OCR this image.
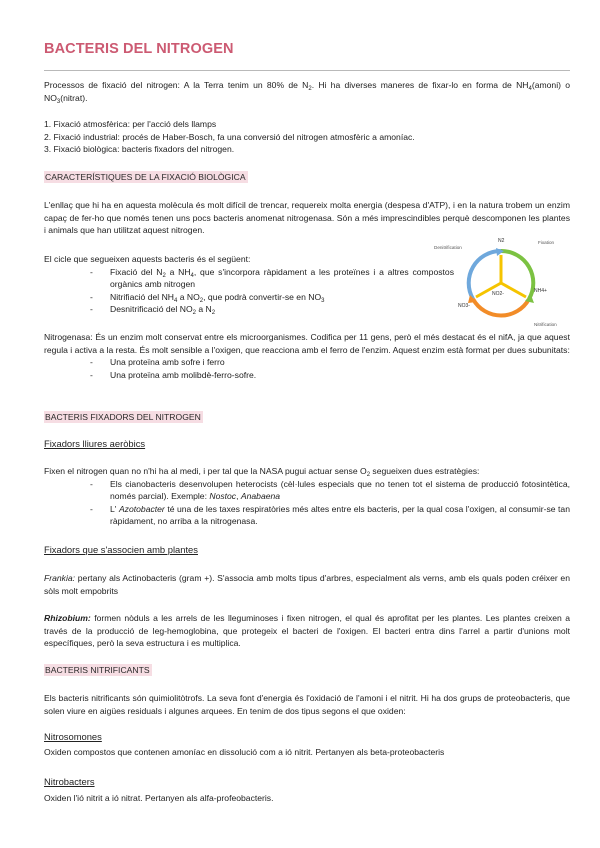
BACTERIS DEL NITROGEN

Processos de fixació del nitrogen: A la Terra tenim un 80% de $N_2$. Hi ha diverses maneres de fixar-lo en forma de $NH_4(amoni)$ o $NO_3(nitrat)$.

1. Fixació atmosfèrica: per l'acció dels llamps

2. Fixació industrial: procés de Haber-Bosch, fa una conversió del nitrogen atmosfèric a amoníac.

3. Fixació biològica: bacteris fixadors del nitrogen.

CARACTERÍSTIQUES DE LA FIXACIÓ BIOLÒGICA

L'enllaç que hi ha en aquesta molècula és molt difícil de trencar, requereix molta energia (despesa d'ATP), i en la natura trobem un enzim capaç de fer-ho que només tenen uns pocs bacteris anomenat nitrogenasa. Són a més imprescindibles perquè descomponen les plantes i animals que han utilitzat aquest nitrogen.

El cicle que segueixen aquests bacteris és el següent:

- Fixació del $N_2$ a $NH_4$, que s'incorpora ràpidament a les proteïnes i a altres compostos orgànics amb nitrogen
- Nitrifiació del $NH_4$ a $NO_2$, que podrà convertir-se en $NO_3$
- Desnitrificació del $NO_2$ a $N_2$

Nitrogenasa: És un enzim molt conservat entre els microorganismes. Codifica per 11 gens, però el més destacat és el nifA, ja que aquest regula i activa a la resta. És molt sensible a l'oxigen, que reacciona amb el ferro de l'enzim. Aquest enzim està format per dues subunitats:

- Una proteïna amb sofre i ferro
- Una proteïna amb molibdè-ferro-sofre.
BACTERIS FIXADORS DEL NITROGEN
Fixadors lliures aeròbics

Fixen el nitrogen quan no n'hi ha al medi, i per tal que la NASA pugui actuar sense $O_2$ segueixen dues estratègies:

- Els cianobacteris desenvolupen heterocists (cèl·lules especials que no tenen tot el sistema de producció fotosintètica, només parcial). Exemple: Nostoc, Anabaena
- L' Azotobacter té una de les taxes respiratòries més altes entre els bacteris, per la qual cosa l'oxigen, al consumir-se tan ràpidament, no arriba a la nitrogenasa.
Fixadors que s'associen amb plantes

Frankia: pertany als Actinobacteris (gram +). S'associa amb molts tipus d'arbres, especialment als verns, amb els quals poden créixer en sòls molt empobrits

Rhizobium: formen nòduls a les arrels de les lleguminoses i fixen nitrogen, el qual és aprofitat per les plantes. Les plantes creixen a través de la producció de leg-hemoglobina, que protegeix el bacteri de l'oxigen. El bacteri entra dins l'arrel a partir d'unions molt específiques, però la seva estructura i es multiplica.

BACTERIS NITRIFICANTS

Els bacteris nitrificants són quimiolitòtrofs. La seva font d'energia és l'oxidació de l'amoni i el nitrit. Hi ha dos grups de proteobacteris, que solen viure en aigües residuals i algunes arquees. En tenim de dos tipus segons el que oxiden:

Nitrosomones

Oxiden compostos que contenen amoníac en dissolució com a ió nitrit. Pertanyen als beta-proteobacteris

Nitrobacters

Oxiden l'ió nitrit a ió nitrat. Pertanyen als alfa-profeobacteris.

Denitrification
Fixation
Nitrification
N2
NH4+
NO3-
NO2-
